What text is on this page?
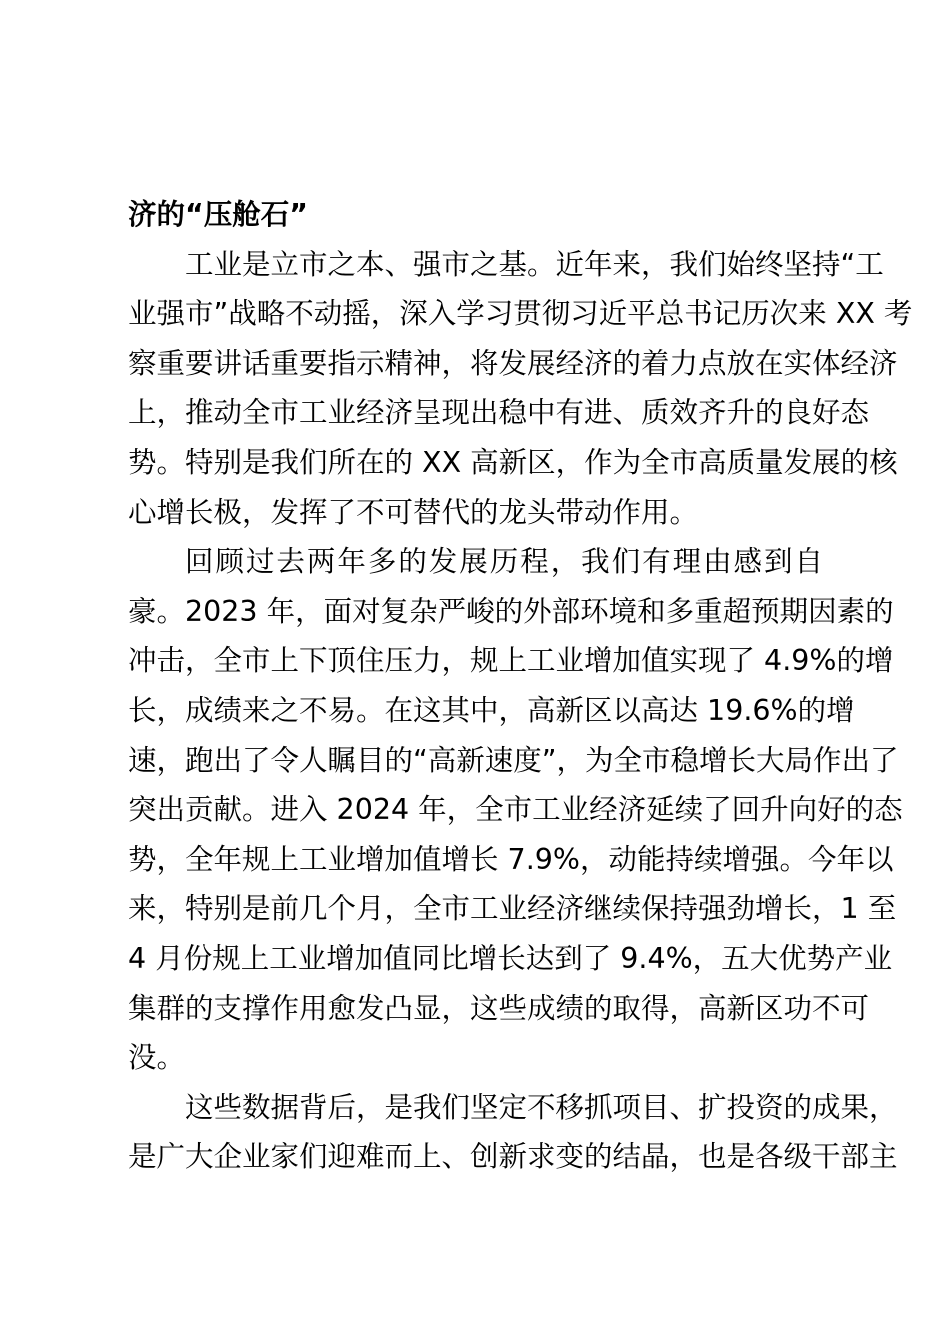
济的“压舱石”
工业是立市之本、强市之基。近年来，我们始终坚持“工
业强市”战略不动摇，深入学习贯彻习近平总书记历次来 XX 考
察重要讲话重要指示精神，将发展经济的着力点放在实体经济
上，推动全市工业经济呈现出稳中有进、质效齐升的良好态
势。特别是我们所在的 XX 高新区，作为全市高质量发展的核
心增长极，发挥了不可替代的龙头带动作用。
回顾过去两年多的发展历程，我们有理由感到自
豪。2023 年，面对复杂严峻的外部环境和多重超预期因素的
冲击，全市上下顶住压力，规上工业增加值实现了 4.9%的增
长，成绩来之不易。在这其中，高新区以高达 19.6%的增
速，跑出了令人瞩目的“高新速度”，为全市稳增长大局作出了
突出贡献。进入 2024 年，全市工业经济延续了回升向好的态
势，全年规上工业增加值增长 7.9%，动能持续增强。今年以
来，特别是前几个月，全市工业经济继续保持强劲增长，1 至
4 月份规上工业增加值同比增长达到了 9.4%，五大优势产业
集群的支撑作用愈发凸显，这些成绩的取得，高新区功不可
没。
这些数据背后，是我们坚定不移抓项目、扩投资的成果，
是广大企业家们迎难而上、创新求变的结晶，也是各级干部主
